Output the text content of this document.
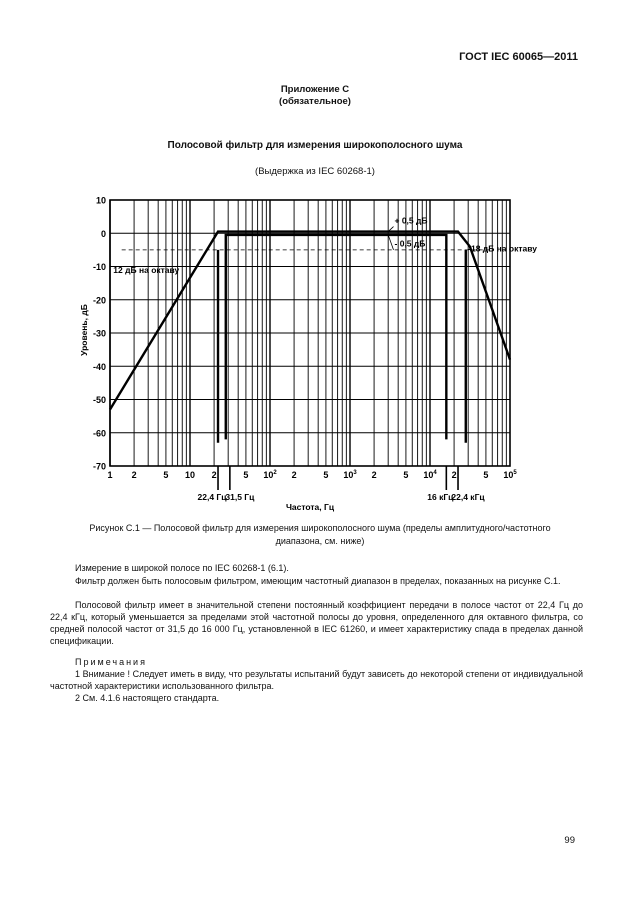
ГОСТ IEC 60065—2011
Приложение С
(обязательное)
Полосовой фильтр для измерения широкополосного шума
(Выдержка из IEC 60268-1)
10
0
-10
-20
-30
-40
-50
-60
-70
1 2	5 10 2	5 $10^2$ 2	5 $10^3$ 2	5 $10^4$ 2	5 $10^5$
Частота, Гц
Уровень, дБ
+ 0,5 дБ
- 0,5 дБ
12 дБ на октаву
-18 дБ на октаву
22,4 Гц
31,5 Гц	16 кГц
22,4 кГц
Рисунок С.1 — Полосовой фильтр для измерения широкополосного шума (пределы амплитудного/частотного
диапазона, см. ниже)
Измерение в широкой полосе по IEC 60268-1 (6.1).
Фильтр должен быть полосовым фильтром, имеющим частотный диапазон в пределах, показанных на рисунке С.1.
Полосовой фильтр имеет в значительной степени постоянный коэффициент передачи в полосе частот от 22,4 Гц до 22,4 кГц, который уменьшается за пределами этой частотной полосы до уровня, определенного для октавного фильтра, со средней полосой частот от 31,5 до 16 000 Гц, установленной в IEC 61260, и имеет характеристику спада в пределах данной спецификации.
Примечания
1 Внимание ! Следует иметь в виду, что результаты испытаний будут зависеть до некоторой степени от индивидуальной частотной характеристики использованного фильтра.
2 См. 4.1.6 настоящего стандарта.
99
